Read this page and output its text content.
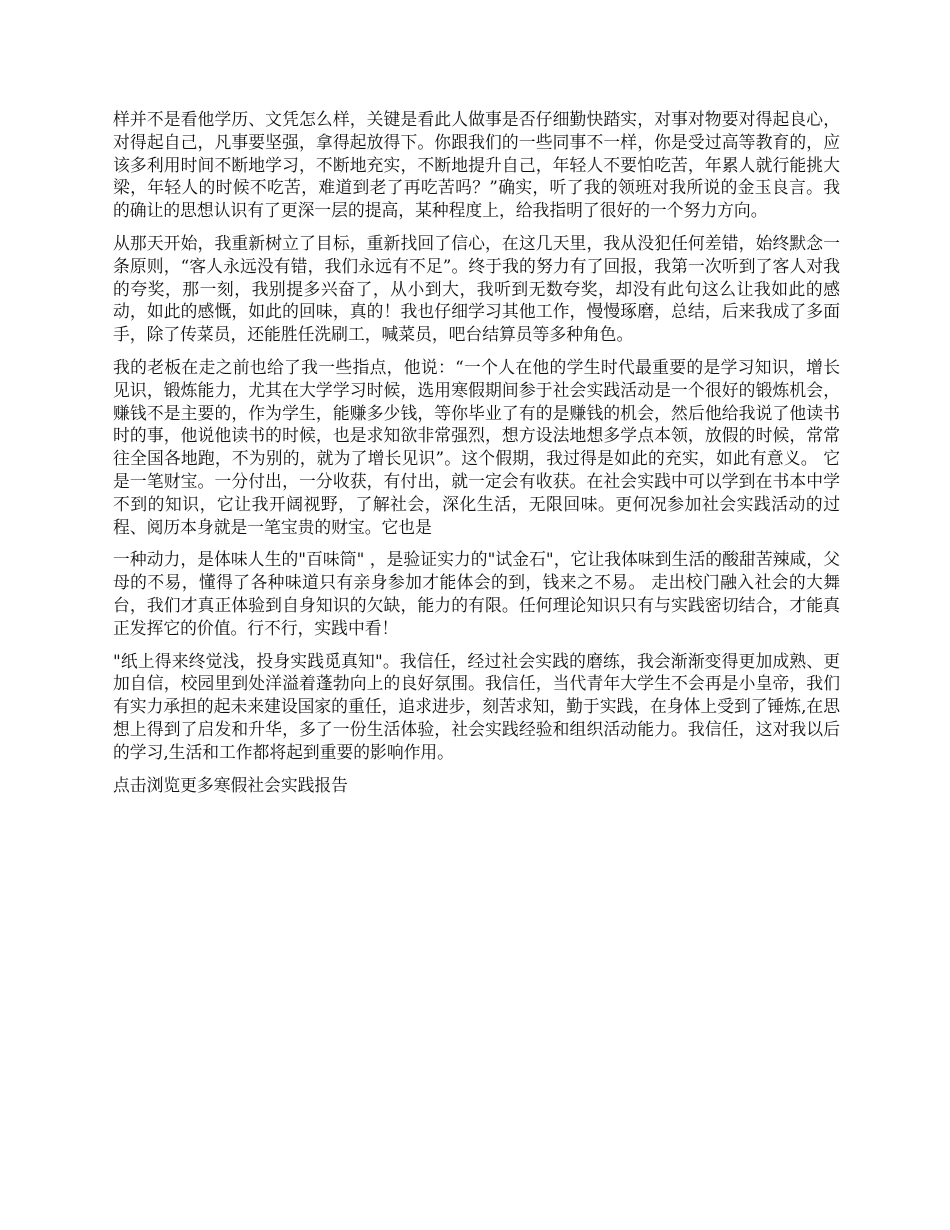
样并不是看他学历、文凭怎么样，关键是看此人做事是否仔细勤快踏实，对事对物要对得起良心，对得起自己，凡事要坚强，拿得起放得下。你跟我们的一些同事不一样，你是受过高等教育的，应该多利用时间不断地学习，不断地充实，不断地提升自己，年轻人不要怕吃苦，年累人就行能挑大梁，年轻人的时候不吃苦，难道到老了再吃苦吗？”确实，听了我的领班对我所说的金玉良言。我的确让的思想认识有了更深一层的提高，某种程度上，给我指明了很好的一个努力方向。

从那天开始，我重新树立了目标，重新找回了信心，在这几天里，我从没犯任何差错，始终默念一条原则，“客人永远没有错，我们永远有不足”。终于我的努力有了回报，我第一次听到了客人对我的夸奖，那一刻，我别提多兴奋了，从小到大，我听到无数夸奖，却没有此句这么让我如此的感动，如此的感慨，如此的回味，真的！我也仔细学习其他工作，慢慢琢磨，总结，后来我成了多面手，除了传菜员，还能胜任洗刷工，喊菜员，吧台结算员等多种角色。

我的老板在走之前也给了我一些指点，他说：“一个人在他的学生时代最重要的是学习知识，增长见识，锻炼能力，尤其在大学学习时候，选用寒假期间参于社会实践活动是一个很好的锻炼机会，赚钱不是主要的，作为学生，能赚多少钱，等你毕业了有的是赚钱的机会，然后他给我说了他读书时的事，他说他读书的时候，也是求知欲非常强烈，想方设法地想多学点本领，放假的时候，常常往全国各地跑，不为别的，就为了增长见识”。这个假期，我过得是如此的充实，如此有意义。 它是一笔财宝。一分付出，一分收获，有付出，就一定会有收获。在社会实践中可以学到在书本中学不到的知识，它让我开阔视野，了解社会，深化生活，无限回味。更何况参加社会实践活动的过程、阅历本身就是一笔宝贵的财宝。它也是

一种动力，是体味人生的"百味筒" ，是验证实力的"试金石"，它让我体味到生活的酸甜苦辣咸，父母的不易，懂得了各种味道只有亲身参加才能体会的到，钱来之不易。 走出校门融入社会的大舞台，我们才真正体验到自身知识的欠缺，能力的有限。任何理论知识只有与实践密切结合，才能真正发挥它的价值。行不行，实践中看！

"纸上得来终觉浅，投身实践觅真知"。我信任，经过社会实践的磨练，我会渐渐变得更加成熟、更加自信，校园里到处洋溢着蓬勃向上的良好氛围。我信任，当代青年大学生不会再是小皇帝，我们有实力承担的起未来建设国家的重任，追求进步，刻苦求知，勤于实践，在身体上受到了锤炼,在思想上得到了启发和升华，多了一份生活体验，社会实践经验和组织活动能力。我信任，这对我以后的学习,生活和工作都将起到重要的影响作用。

点击浏览更多寒假社会实践报告
